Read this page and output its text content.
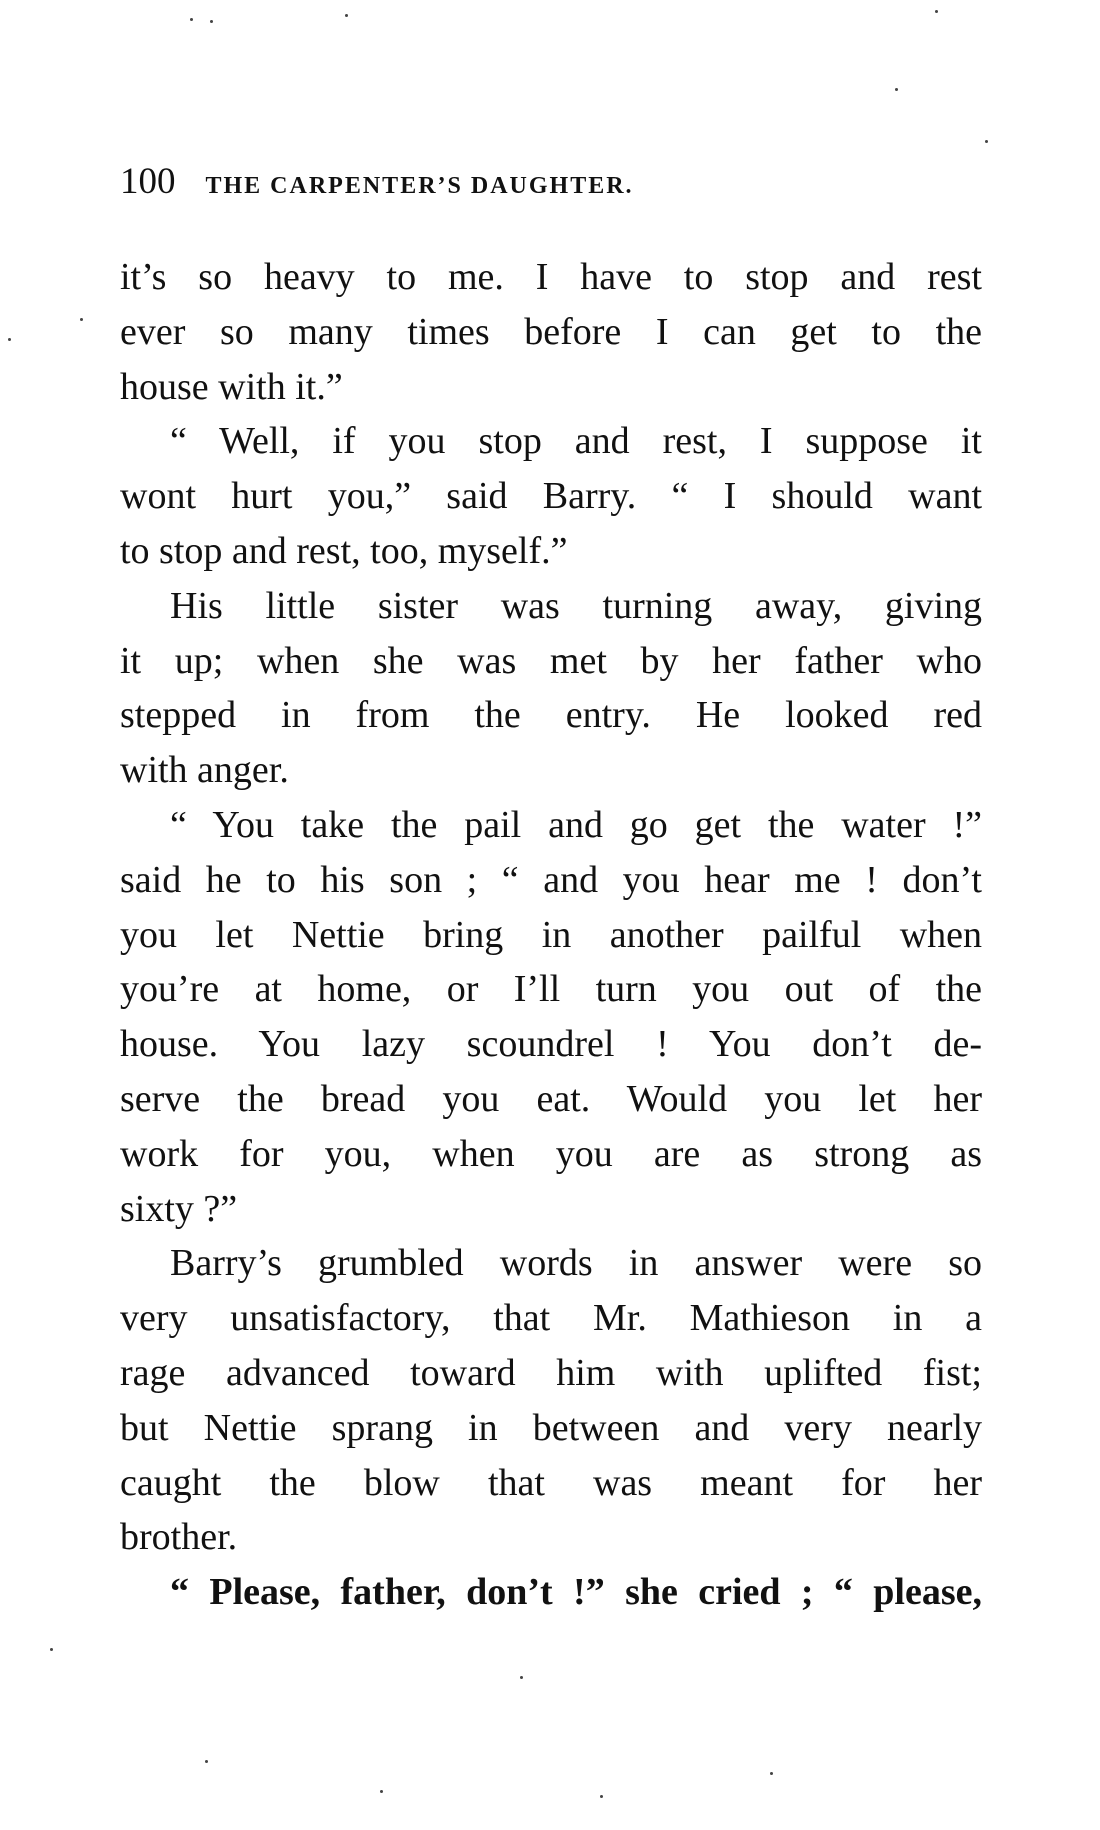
100 THE CARPENTER’S DAUGHTER.
it’s so heavy to me. I have to stop and rest
ever so many times before I can get to the
house with it.”
“ Well, if you stop and rest, I suppose it
wont hurt you,” said Barry. “ I should want
to stop and rest, too, myself.”
His little sister was turning away, giving
it up; when she was met by her father who
stepped in from the entry. He looked red
with anger.
“ You take the pail and go get the water !”
said he to his son ; “ and you hear me ! don’t
you let Nettie bring in another pailful when
you’re at home, or I’ll turn you out of the
house. You lazy scoundrel ! You don’t de-
serve the bread you eat. Would you let her
work for you, when you are as strong as
sixty ?”
Barry’s grumbled words in answer were so
very unsatisfactory, that Mr. Mathieson in a
rage advanced toward him with uplifted fist;
but Nettie sprang in between and very nearly
caught the blow that was meant for her
brother.
“ Please, father, don’t !” she cried ; “ please,
